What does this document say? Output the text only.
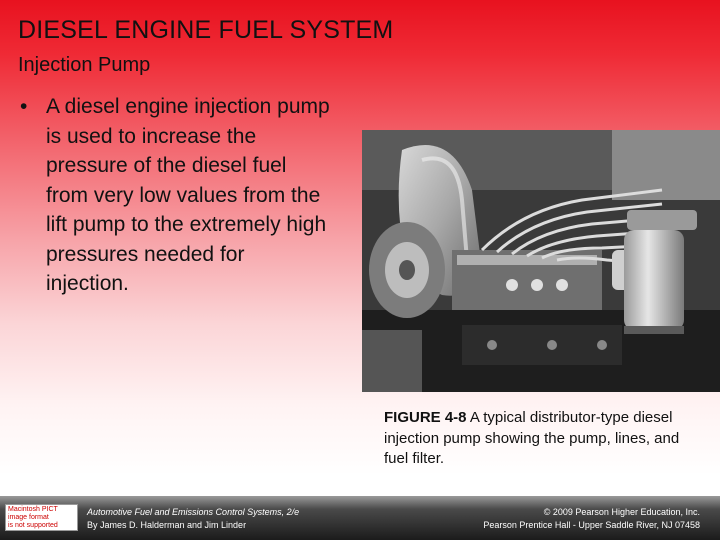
DIESEL ENGINE FUEL SYSTEM
Injection Pump
• A diesel engine injection pump is used to increase the pressure of the diesel fuel from very low values from the lift pump to the extremely high pressures needed for injection.
FIGURE 4-8 A typical distributor-type diesel injection pump showing the pump, lines, and fuel filter.
Macintosh PICT
image format
is not supported
Automotive Fuel and Emissions Control Systems, 2/e
By James D. Halderman and Jim Linder
© 2009 Pearson Higher Education, Inc.
Pearson Prentice Hall - Upper Saddle River, NJ 07458
